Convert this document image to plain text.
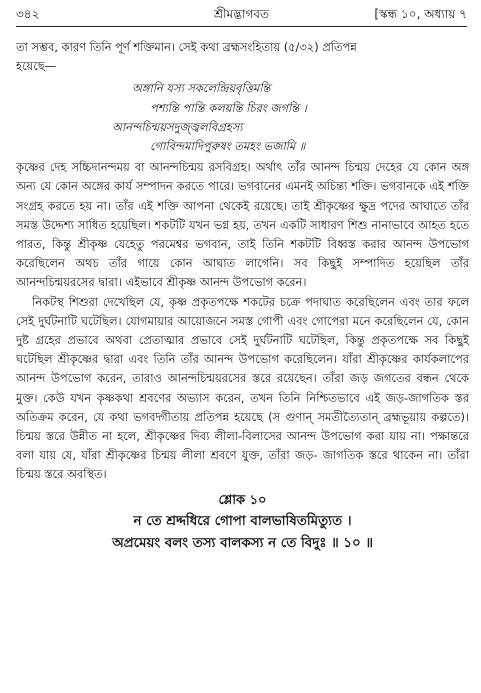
৩৪২	শ্রীমদ্ভাগবত	[স্কন্ধ ১০, অধ্যায় ৭

তা সম্ভব, কারণ তিনি পূর্ণ শক্তিমান। সেই কথা ব্রহ্মসংহিতায় (৫/৩২) প্রতিপন্ন
হয়েছে—

অঙ্গানি যস্য সকলেন্দ্রিয়বৃত্তিমন্তি
পশ্যন্তি পান্তি কলয়ন্তি চিরং জগন্তি ।
আনন্দচিন্ময়সদুজ্জ্বলবিগ্রহস্য
গোবিন্দমাদিপুরুষং তমহং ভজামি ॥

কৃষ্ণের দেহ সচ্চিদানন্দময় বা আনন্দচিন্ময় রসবিগ্রহ। অর্থাৎ তাঁর আনন্দ চিন্ময় দেহের যে কোন অঙ্গ অন্য যে কোন অঙ্গের কার্য সম্পাদন করতে পারে। ভগবানের এমনই অচিন্ত্য শক্তি। ভগবানকে এই শক্তি সংগ্রহ করতে হয় না। তাঁর এই শক্তি আপনা থেকেই রয়েছে। তাই শ্রীকৃষ্ণের ক্ষুদ্র পদের আঘাতে তাঁর সমস্ত উদ্দেশ্য সাধিত হয়েছিল। শকটটি যখন ভগ্ন হয়, তখন একটি সাধারণ শিশু নানাভাবে আহত হতে পারত, কিন্তু শ্রীকৃষ্ণ যেহেতু পরমেশ্বর ভগবান, তাই তিনি শকটটি বিধ্বস্ত করার আনন্দ উপভোগ করেছিলেন অথচ তাঁর গায়ে কোন আঘাত লাগেনি। সব কিছুই সম্পাদিত হয়েছিল তাঁর আনন্দচিন্ময়রসের দ্বারা। এইভাবে শ্রীকৃষ্ণ আনন্দ উপভোগ করেন।

নিকটস্থ শিশুরা দেখেছিল যে, কৃষ্ণ প্রকৃতপক্ষে শকটের চক্রে পদাঘাত করেছিলেন এবং তার ফলে সেই দুর্ঘটনাটি ঘটেছিল। যোগমায়ার আয়োজনে সমস্ত গোপী এবং গোপেরা মনে করেছিলেন যে, কোন দুষ্ট গ্রহের প্রভাবে অথবা প্রেতাত্মার প্রভাবে সেই দুর্ঘটনাটি ঘটেছিল, কিন্তু প্রকৃতপক্ষে সব কিছুই ঘটেছিল শ্রীকৃষ্ণের দ্বারা এবং তিনি তাঁর আনন্দ উপভোগ করেছিলেন। যাঁরা শ্রীকৃষ্ণের কার্যকলাপের আনন্দ উপভোগ করেন, তারাও আনন্দচিন্ময়রসের স্তরে রয়েছেন। তাঁরা জড় জগতের বন্ধন থেকে মুক্ত। কেউ যখন কৃষ্ণকথা শ্রবণের অভ্যাস করেন, তখন তিনি নিশ্চিতভাবে এই জড়-জাগতিক স্তর অতিক্রম করেন, যে কথা ভগবদ্গীতায় প্রতিপন্ন হয়েছে (স গুণান্ সমতীত্যৈতান্ ব্রহ্মভূয়ায় কল্পতে)। চিন্ময় স্তরে উন্নীত না হলে, শ্রীকৃষ্ণের দিব্য লীলা-বিলাসের আনন্দ উপভোগ করা যায় না। পক্ষান্তরে বলা যায় যে, যাঁরা শ্রীকৃষ্ণের চিন্ময় লীলা শ্রবণে যুক্ত, তাঁরা জড়- জাগতিক স্তরে থাকেন না। তাঁরা চিন্ময় স্তরে অবস্থিত।

শ্লোক ১০
ন তে শ্রদ্দধিরে গোপা বালভাষিতমিত্যুত ।
অপ্রমেয়ং বলং তস্য বালকস্য ন তে বিদুঃ ॥ ১০ ॥
